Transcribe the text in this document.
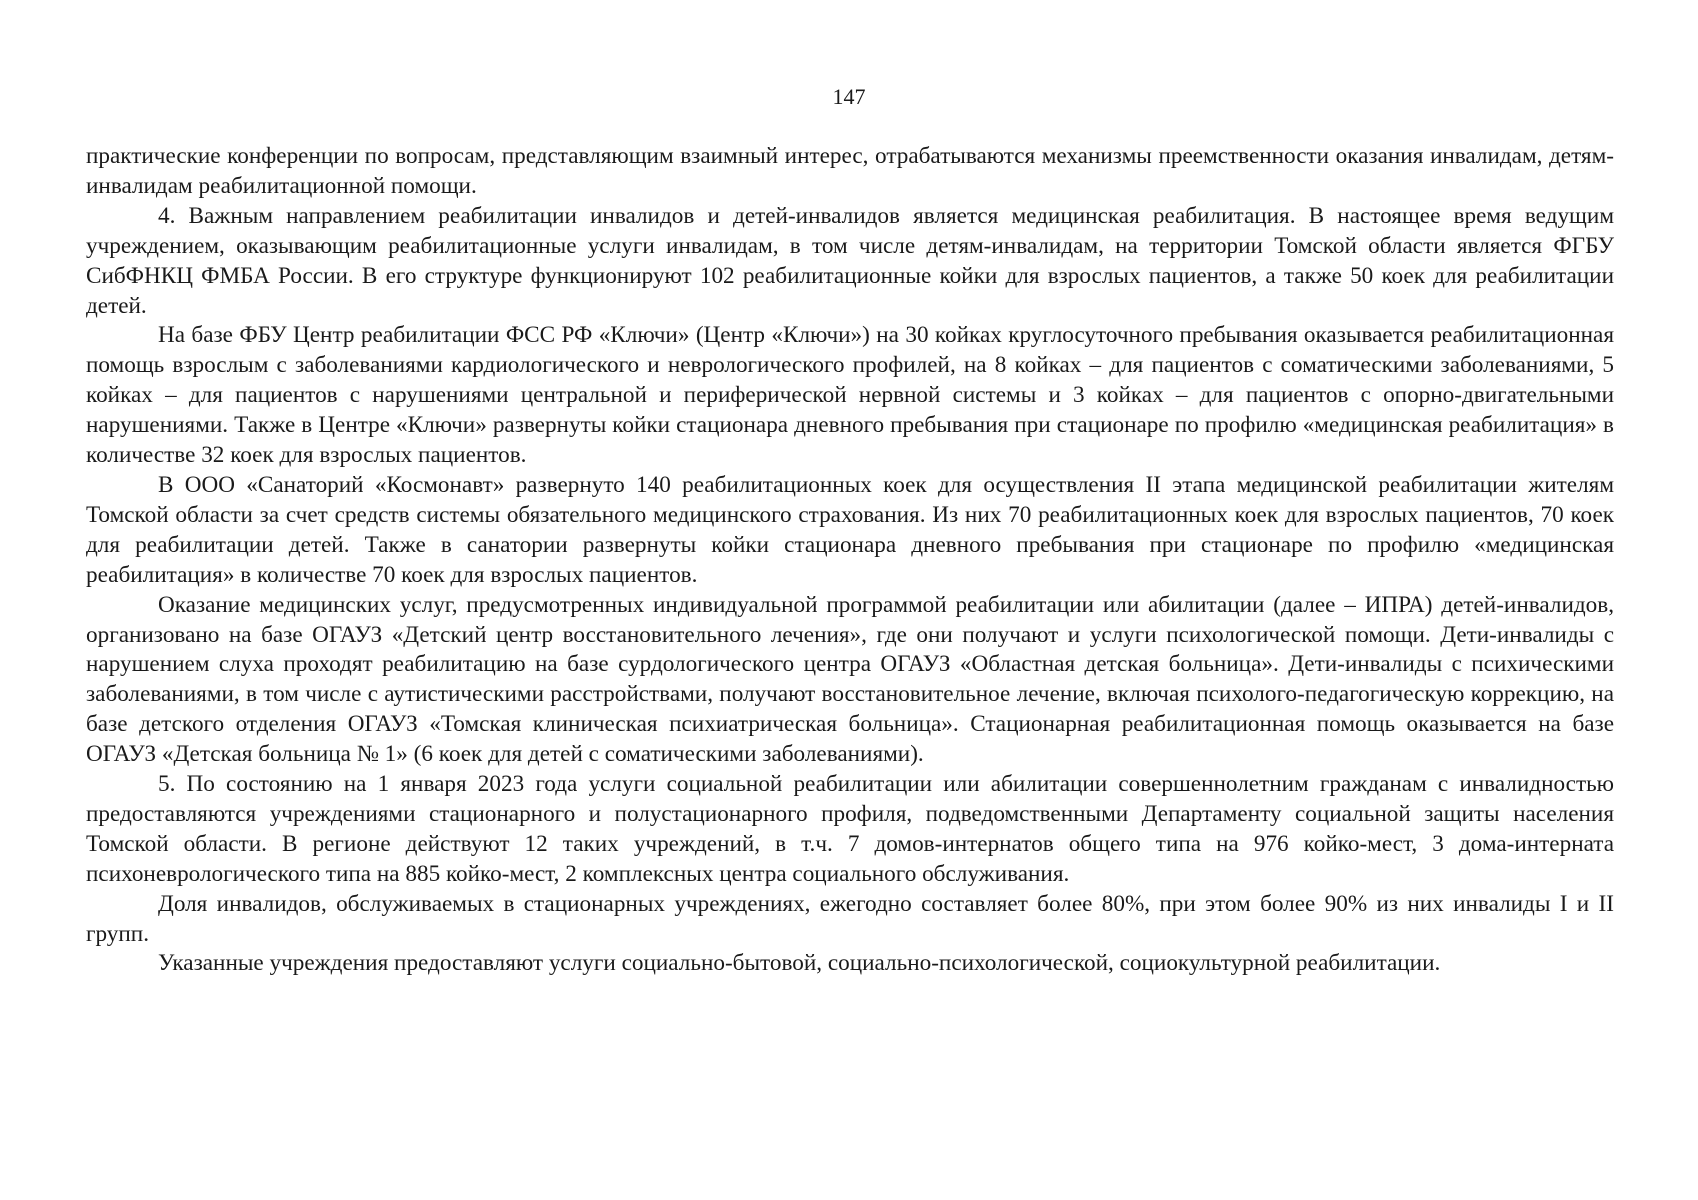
147

практические конференции по вопросам, представляющим взаимный интерес, отрабатываются механизмы преемственности оказания инвалидам, детям-инвалидам реабилитационной помощи.

4. Важным направлением реабилитации инвалидов и детей-инвалидов является медицинская реабилитация. В настоящее время ведущим учреждением, оказывающим реабилитационные услуги инвалидам, в том числе детям-инвалидам, на территории Томской области является ФГБУ СибФНКЦ ФМБА России. В его структуре функционируют 102 реабилитационные койки для взрослых пациентов, а также 50 коек для реабилитации детей.

На базе ФБУ Центр реабилитации ФСС РФ «Ключи» (Центр «Ключи») на 30 койках круглосуточного пребывания оказывается реабилитационная помощь взрослым с заболеваниями кардиологического и неврологического профилей, на 8 койках – для пациентов с соматическими заболеваниями, 5 койках – для пациентов с нарушениями центральной и периферической нервной системы и 3 койках – для пациентов с опорно-двигательными нарушениями. Также в Центре «Ключи» развернуты койки стационара дневного пребывания при стационаре по профилю «медицинская реабилитация» в количестве 32 коек для взрослых пациентов.

В ООО «Санаторий «Космонавт» развернуто 140 реабилитационных коек для осуществления II этапа медицинской реабилитации жителям Томской области за счет средств системы обязательного медицинского страхования. Из них 70 реабилитационных коек для взрослых пациентов, 70 коек для реабилитации детей. Также в санатории развернуты койки стационара дневного пребывания при стационаре по профилю «медицинская реабилитация» в количестве 70 коек для взрослых пациентов.

Оказание медицинских услуг, предусмотренных индивидуальной программой реабилитации или абилитации (далее – ИПРА) детей-инвалидов, организовано на базе ОГАУЗ «Детский центр восстановительного лечения», где они получают и услуги психологической помощи. Дети-инвалиды с нарушением слуха проходят реабилитацию на базе сурдологического центра ОГАУЗ «Областная детская больница». Дети-инвалиды с психическими заболеваниями, в том числе с аутистическими расстройствами, получают восстановительное лечение, включая психолого-педагогическую коррекцию, на базе детского отделения ОГАУЗ «Томская клиническая психиатрическая больница». Стационарная реабилитационная помощь оказывается на базе ОГАУЗ «Детская больница № 1» (6 коек для детей с соматическими заболеваниями).

5. По состоянию на 1 января 2023 года услуги социальной реабилитации или абилитации совершеннолетним гражданам с инвалидностью предоставляются учреждениями стационарного и полустационарного профиля, подведомственными Департаменту социальной защиты населения Томской области. В регионе действуют 12 таких учреждений, в т.ч. 7 домов-интернатов общего типа на 976 койко-мест, 3 дома-интерната психоневрологического типа на 885 койко-мест, 2 комплексных центра социального обслуживания.

Доля инвалидов, обслуживаемых в стационарных учреждениях, ежегодно составляет более 80%, при этом более 90% из них инвалиды I и II групп.

Указанные учреждения предоставляют услуги социально-бытовой, социально-психологической, социокультурной реабилитации.
